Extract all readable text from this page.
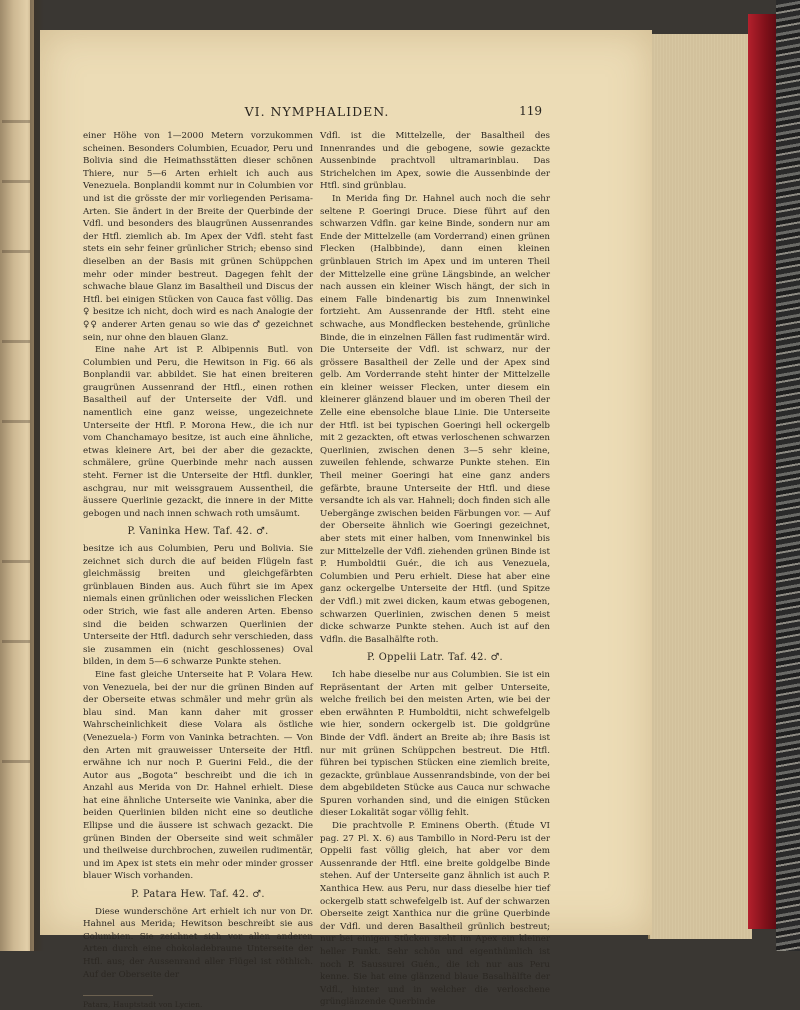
VI. NYMPHALIDEN.	119

einer Höhe von 1—2000 Metern vorzukommen scheinen. Besonders Columbien, Ecuador, Peru und Bolivia sind die Heimathsstätten dieser schönen Thiere, nur 5—6 Arten erhielt ich auch aus Venezuela. Bonplandii kommt nur in Columbien vor und ist die grösste der mir vorliegenden Perisama-Arten. Sie ändert in der Breite der Querbinde der Vdfl. und besonders des blaugrünen Aussenrandes der Htfl. ziemlich ab. Im Apex der Vdfl. steht fast stets ein sehr feiner grünlicher Strich; ebenso sind dieselben an der Basis mit grünen Schüppchen mehr oder minder bestreut. Dagegen fehlt der schwache blaue Glanz im Basaltheil und Discus der Htfl. bei einigen Stücken von Cauca fast völlig. Das ♀ besitze ich nicht, doch wird es nach Analogie der ♀♀ anderer Arten genau so wie das ♂ gezeichnet sein, nur ohne den blauen Glanz.

Eine nahe Art ist P. Albipennis Butl. von Columbien und Peru, die Hewitson in Fig. 66 als Bonplandii var. abbildet. Sie hat einen breiteren graugrünen Aussenrand der Htfl., einen rothen Basaltheil auf der Unterseite der Vdfl. und namentlich eine ganz weisse, ungezeichnete Unterseite der Htfl. P. Morona Hew., die ich nur vom Chanchamayo besitze, ist auch eine ähnliche, etwas kleinere Art, bei der aber die gezackte, schmälere, grüne Querbinde mehr nach aussen steht. Ferner ist die Unterseite der Htfl. dunkler, aschgrau, nur mit weissgrauem Aussentheil, die äussere Querlinie gezackt, die innere in der Mitte gebogen und nach innen schwach roth umsäumt.

P. Vaninka Hew. Taf. 42. ♂.

besitze ich aus Columbien, Peru und Bolivia. Sie zeichnet sich durch die auf beiden Flügeln fast gleichmässig breiten und gleichgefärbten grünblauen Binden aus. Auch führt sie im Apex niemals einen grünlichen oder weisslichen Flecken oder Strich, wie fast alle anderen Arten. Ebenso sind die beiden schwarzen Querlinien der Unterseite der Htfl. dadurch sehr verschieden, dass sie zusammen ein (nicht geschlossenes) Oval bilden, in dem 5—6 schwarze Punkte stehen.

Eine fast gleiche Unterseite hat P. Volara Hew. von Venezuela, bei der nur die grünen Binden auf der Oberseite etwas schmäler und mehr grün als blau sind. Man kann daher mit grosser Wahrscheinlichkeit diese Volara als östliche (Venezuela-) Form von Vaninka betrachten. — Von den Arten mit grauweisser Unterseite der Htfl. erwähne ich nur noch P. Guerini Feld., die der Autor aus „Bogota“ beschreibt und die ich in Anzahl aus Merida von Dr. Hahnel erhielt. Diese hat eine ähnliche Unterseite wie Vaninka, aber die beiden Querlinien bilden nicht eine so deutliche Ellipse und die äussere ist schwach gezackt. Die grünen Binden der Oberseite sind weit schmäler und theilweise durchbrochen, zuweilen rudimentär, und im Apex ist stets ein mehr oder minder grosser blauer Wisch vorhanden.

P. Patara Hew. Taf. 42. ♂.

Diese wunderschöne Art erhielt ich nur von Dr. Hahnel aus Merida; Hewitson beschreibt sie aus Columbien. Sie zeichnet sich vor allen anderen Arten durch eine chokoladebraune Unterseite der Htfl. aus; der Aussenrand aller Flügel ist röthlich. Auf der Oberseite der

Patara, Hauptstadt von Lycien.

Vdfl. ist die Mittelzelle, der Basaltheil des Innenrandes und die gebogene, sowie gezackte Aussenbinde prachtvoll ultramarinblau. Das Strichelchen im Apex, sowie die Aussenbinde der Htfl. sind grünblau.

In Merida fing Dr. Hahnel auch noch die sehr seltene P. Goeringi Druce. Diese führt auf den schwarzen Vdfln. gar keine Binde, sondern nur am Ende der Mittelzelle (am Vorderrand) einen grünen Flecken (Halbbinde), dann einen kleinen grünblauen Strich im Apex und im unteren Theil der Mittelzelle eine grüne Längsbinde, an welcher nach aussen ein kleiner Wisch hängt, der sich in einem Falle bindenartig bis zum Innenwinkel fortzieht. Am Aussenrande der Htfl. steht eine schwache, aus Mondflecken bestehende, grünliche Binde, die in einzelnen Fällen fast rudimentär wird. Die Unterseite der Vdfl. ist schwarz, nur der grössere Basaltheil der Zelle und der Apex sind gelb. Am Vorderrande steht hinter der Mittelzelle ein kleiner weisser Flecken, unter diesem ein kleinerer glänzend blauer und im oberen Theil der Zelle eine ebensolche blaue Linie. Die Unterseite der Htfl. ist bei typischen Goeringi hell ockergelb mit 2 gezackten, oft etwas verloschenen schwarzen Querlinien, zwischen denen 3—5 sehr kleine, zuweilen fehlende, schwarze Punkte stehen. Ein Theil meiner Goeringi hat eine ganz anders gefärbte, braune Unterseite der Htfl. und diese versandte ich als var. Hahneli; doch finden sich alle Uebergänge zwischen beiden Färbungen vor. — Auf der Oberseite ähnlich wie Goeringi gezeichnet, aber stets mit einer halben, vom Innenwinkel bis zur Mittelzelle der Vdfl. ziehenden grünen Binde ist P. Humboldtii Guér., die ich aus Venezuela, Columbien und Peru erhielt. Diese hat aber eine ganz ockergelbe Unterseite der Htfl. (und Spitze der Vdfl.) mit zwei dicken, kaum etwas gebogenen, schwarzen Querlinien, zwischen denen 5 meist dicke schwarze Punkte stehen. Auch ist auf den Vdfln. die Basalhälfte roth.

P. Oppelii Latr. Taf. 42. ♂.

Ich habe dieselbe nur aus Columbien. Sie ist ein Repräsentant der Arten mit gelber Unterseite, welche freilich bei den meisten Arten, wie bei der eben erwähnten P. Humboldtii, nicht schwefelgelb wie hier, sondern ockergelb ist. Die goldgrüne Binde der Vdfl. ändert an Breite ab; ihre Basis ist nur mit grünen Schüppchen bestreut. Die Htfl. führen bei typischen Stücken eine ziemlich breite, gezackte, grünblaue Aussenrandsbinde, von der bei dem abgebildeten Stücke aus Cauca nur schwache Spuren vorhanden sind, und die einigen Stücken dieser Lokalität sogar völlig fehlt.

Die prachtvolle P. Eminens Oberth. (Étude VI pag. 27 Pl. X. 6) aus Tambillo in Nord-Peru ist der Oppelii fast völlig gleich, hat aber vor dem Aussenrande der Htfl. eine breite goldgelbe Binde stehen. Auf der Unterseite ganz ähnlich ist auch P. Xanthica Hew. aus Peru, nur dass dieselbe hier tief ockergelb statt schwefelgelb ist. Auf der schwarzen Oberseite zeigt Xanthica nur die grüne Querbinde der Vdfl. und deren Basaltheil grünlich bestreut; nur bei einigen Stücken steht im Apex ein kleiner heller Punkt. Sehr schön und eigenthümlich ist noch P. Saussurei Guén., die ich nur aus Peru kenne. Sie hat eine glänzend blaue Basalhälfte der Vdfl., hinter und in welcher die verloschene grünglänzende Querbinde
